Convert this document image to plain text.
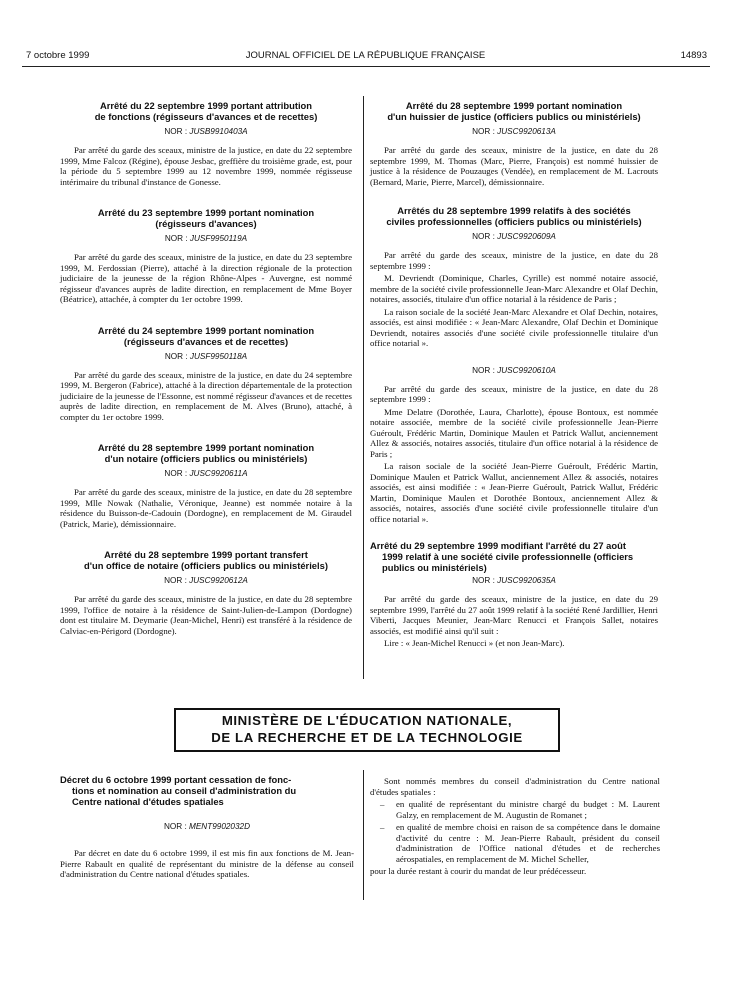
7 octobre 1999	JOURNAL OFFICIEL DE LA RÉPUBLIQUE FRANÇAISE	14893
Arrêté du 22 septembre 1999 portant attribution
de fonctions (régisseurs d'avances et de recettes)
NOR : JUSB9910403A

Par arrêté du garde des sceaux, ministre de la justice, en date du 22 septembre 1999, Mme Falcoz (Régine), épouse Jesbac, greffière du troisième grade, est, pour la période du 5 septembre 1999 au 12 novembre 1999, nommée régisseuse intérimaire du tribunal d'instance de Gonesse.

Arrêté du 23 septembre 1999 portant nomination
(régisseurs d'avances)
NOR : JUSF9950119A

Par arrêté du garde des sceaux, ministre de la justice, en date du 23 septembre 1999, M. Ferdossian (Pierre), attaché à la direction régionale de la protection judiciaire de la jeunesse de la région Rhône-Alpes - Auvergne, est nommé régisseur d'avances auprès de ladite direction, en remplacement de Mme Boyer (Béatrice), attachée, à compter du 1er octobre 1999.

Arrêté du 24 septembre 1999 portant nomination
(régisseurs d'avances et de recettes)
NOR : JUSF9950118A

Par arrêté du garde des sceaux, ministre de la justice, en date du 24 septembre 1999, M. Bergeron (Fabrice), attaché à la direction départementale de la protection judiciaire de la jeunesse de l'Essonne, est nommé régisseur d'avances et de recettes auprès de ladite direction, en remplacement de M. Alves (Bruno), attaché, à compter du 1er octobre 1999.

Arrêté du 28 septembre 1999 portant nomination
d'un notaire (officiers publics ou ministériels)
NOR : JUSC9920611A

Par arrêté du garde des sceaux, ministre de la justice, en date du 28 septembre 1999, Mlle Nowak (Nathalie, Véronique, Jeanne) est nommée notaire à la résidence du Buisson-de-Cadouin (Dordogne), en remplacement de M. Giraudel (Patrick, Marie), démissionnaire.

Arrêté du 28 septembre 1999 portant transfert
d'un office de notaire (officiers publics ou ministériels)
NOR : JUSC9920612A

Par arrêté du garde des sceaux, ministre de la justice, en date du 28 septembre 1999, l'office de notaire à la résidence de Saint-Julien-de-Lampon (Dordogne) dont est titulaire M. Deymarie (Jean-Michel, Henri) est transféré à la résidence de Calviac-en-Périgord (Dordogne).

Arrêté du 28 septembre 1999 portant nomination
d'un huissier de justice (officiers publics ou ministériels)
NOR : JUSC9920613A

Par arrêté du garde des sceaux, ministre de la justice, en date du 28 septembre 1999, M. Thomas (Marc, Pierre, François) est nommé huissier de justice à la résidence de Pouzauges (Vendée), en remplacement de M. Lacrouts (Bernard, Marie, Pierre, Marcel), démissionnaire.

Arrêtés du 28 septembre 1999 relatifs à des sociétés
civiles professionnelles (officiers publics ou ministériels)
NOR : JUSC9920609A

Par arrêté du garde des sceaux, ministre de la justice, en date du 28 septembre 1999 :

M. Devriendt (Dominique, Charles, Cyrille) est nommé notaire associé, membre de la société civile professionnelle Jean-Marc Alexandre et Olaf Dechin, notaires, associés, titulaire d'un office notarial à la résidence de Paris ;

La raison sociale de la société Jean-Marc Alexandre et Olaf Dechin, notaires, associés, est ainsi modifiée : « Jean-Marc Alexandre, Olaf Dechin et Dominique Devriendt, notaires associés d'une société civile professionnelle titulaire d'un office notarial ».

NOR : JUSC9920610A

Par arrêté du garde des sceaux, ministre de la justice, en date du 28 septembre 1999 :

Mme Delatre (Dorothée, Laura, Charlotte), épouse Bontoux, est nommée notaire associée, membre de la société civile professionnelle Jean-Pierre Guéroult, Frédéric Martin, Dominique Maulen et Patrick Wallut, anciennement Allez & associés, notaires associés, titulaire d'un office notarial à la résidence de Paris ;

La raison sociale de la société Jean-Pierre Guéroult, Frédéric Martin, Dominique Maulen et Patrick Wallut, anciennement Allez & associés, notaires associés, est ainsi modifiée : « Jean-Pierre Guéroult, Patrick Wallut, Frédéric Martin, Dominique Maulen et Dorothée Bontoux, anciennement Allez & associés, notaires, associés d'une société civile professionnelle titulaire d'un office notarial ».

Arrêté du 29 septembre 1999 modifiant l'arrêté du 27 août
1999 relatif à une société civile professionnelle (officiers
publics ou ministériels)
NOR : JUSC9920635A

Par arrêté du garde des sceaux, ministre de la justice, en date du 29 septembre 1999, l'arrêté du 27 août 1999 relatif à la société René Jardillier, Henri Viberti, Jacques Meunier, Jean-Marc Renucci et François Sallet, notaires associés, est modifié ainsi qu'il suit :

Lire : « Jean-Michel Renucci » (et non Jean-Marc).

MINISTÈRE DE L'ÉDUCATION NATIONALE,
DE LA RECHERCHE ET DE LA TECHNOLOGIE
Décret du 6 octobre 1999 portant cessation de fonc-
tions et nomination au conseil d'administration du
Centre national d'études spatiales
NOR : MENT9902032D

Par décret en date du 6 octobre 1999, il est mis fin aux fonctions de M. Jean-Pierre Rabault en qualité de représentant du ministre de la défense au conseil d'administration du Centre national d'études spatiales.

Sont nommés membres du conseil d'administration du Centre national d'études spatiales :

– en qualité de représentant du ministre chargé du budget : M. Laurent Galzy, en remplacement de M. Augustin de Romanet ;
– en qualité de membre choisi en raison de sa compétence dans le domaine d'activité du centre : M. Jean-Pierre Rabault, président du conseil d'administration de l'Office national d'études et de recherches aérospatiales, en remplacement de M. Michel Scheller,
pour la durée restant à courir du mandat de leur prédécesseur.
